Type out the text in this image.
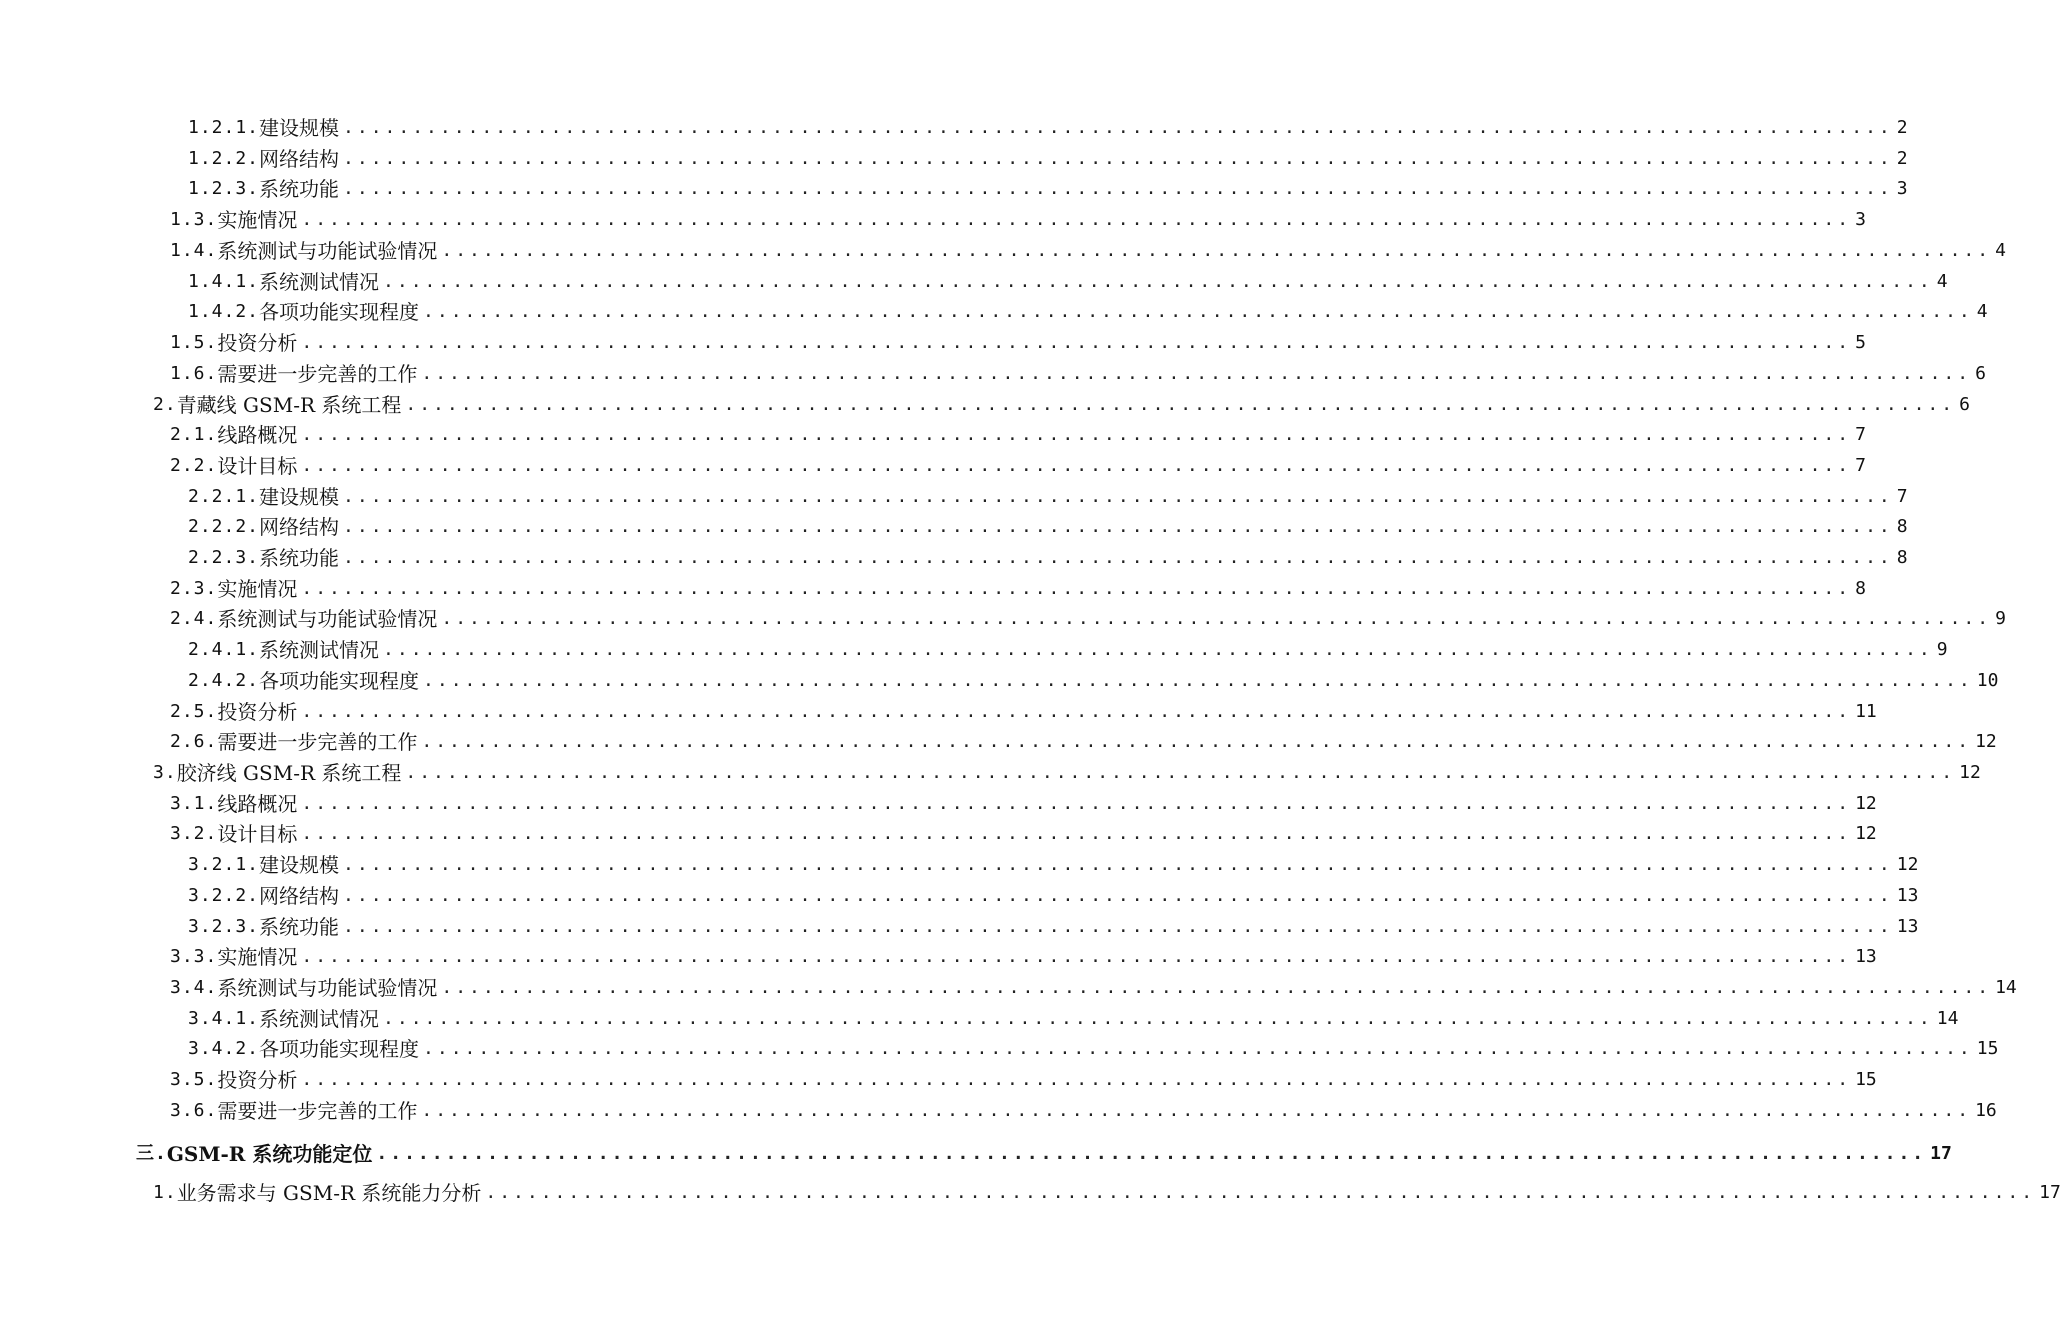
1.2.1. 建设规模 ................................................................................................................ 2
1.2.2. 网络结构 ................................................................................................................ 2
1.2.3. 系统功能 ................................................................................................................ 3
1.3. 实施情况 ................................................................................................................ 3
1.4. 系统测试与功能试验情况 ................................................................................................................ 4
1.4.1. 系统测试情况 ................................................................................................................ 4
1.4.2. 各项功能实现程度 ................................................................................................................ 4
1.5. 投资分析 ................................................................................................................ 5
1.6. 需要进一步完善的工作 ................................................................................................................ 6
2. 青藏线 GSM-R 系统工程 ................................................................................................................ 6
2.1. 线路概况 ................................................................................................................ 7
2.2. 设计目标 ................................................................................................................ 7
2.2.1. 建设规模 ................................................................................................................ 7
2.2.2. 网络结构 ................................................................................................................ 8
2.2.3. 系统功能 ................................................................................................................ 8
2.3. 实施情况 ................................................................................................................ 8
2.4. 系统测试与功能试验情况 ................................................................................................................ 9
2.4.1. 系统测试情况 ................................................................................................................ 9
2.4.2. 各项功能实现程度 ................................................................................................................ 10
2.5. 投资分析 ................................................................................................................ 11
2.6. 需要进一步完善的工作 ................................................................................................................ 12
3. 胶济线 GSM-R 系统工程 ................................................................................................................ 12
3.1. 线路概况 ................................................................................................................ 12
3.2. 设计目标 ................................................................................................................ 12
3.2.1. 建设规模 ................................................................................................................ 12
3.2.2. 网络结构 ................................................................................................................ 13
3.2.3. 系统功能 ................................................................................................................ 13
3.3. 实施情况 ................................................................................................................ 13
3.4. 系统测试与功能试验情况 ................................................................................................................ 14
3.4.1. 系统测试情况 ................................................................................................................ 14
3.4.2. 各项功能实现程度 ................................................................................................................ 15
3.5. 投资分析 ................................................................................................................ 15
3.6. 需要进一步完善的工作 ................................................................................................................ 16
三. GSM-R 系统功能定位 ................................................................................................................ 17
1. 业务需求与 GSM-R 系统能力分析 ................................................................................................................ 17
